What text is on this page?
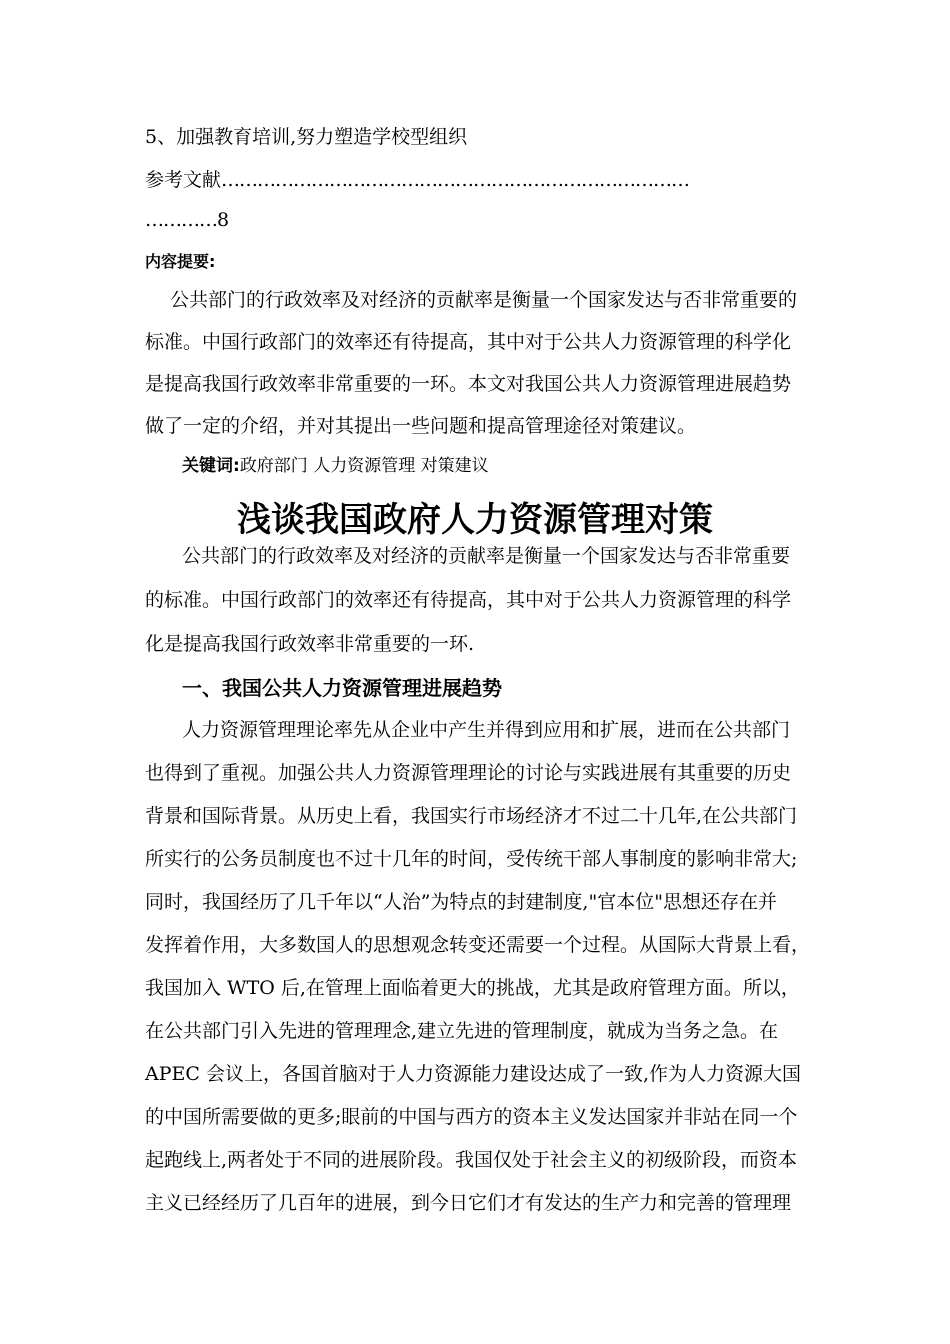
5、加强教育培训,努力塑造学校型组织
参考文献……………………………………………………………………
…………8
内容提要:
公共部门的行政效率及对经济的贡献率是衡量一个国家发达与否非常重要的
标准。中国行政部门的效率还有待提高，其中对于公共人力资源管理的科学化
是提高我国行政效率非常重要的一环。本文对我国公共人力资源管理进展趋势
做了一定的介绍，并对其提出一些问题和提高管理途径对策建议。
关键词:政府部门 人力资源管理 对策建议
浅谈我国政府人力资源管理对策
公共部门的行政效率及对经济的贡献率是衡量一个国家发达与否非常重要
的标准。中国行政部门的效率还有待提高，其中对于公共人力资源管理的科学
化是提高我国行政效率非常重要的一环.
一、我国公共人力资源管理进展趋势
人力资源管理理论率先从企业中产生并得到应用和扩展，进而在公共部门
也得到了重视。加强公共人力资源管理理论的讨论与实践进展有其重要的历史
背景和国际背景。从历史上看，我国实行市场经济才不过二十几年,在公共部门
所实行的公务员制度也不过十几年的时间，受传统干部人事制度的影响非常大;
同时，我国经历了几千年以“人治”为特点的封建制度,"官本位"思想还存在并
发挥着作用，大多数国人的思想观念转变还需要一个过程。从国际大背景上看，
我国加入 WTO 后,在管理上面临着更大的挑战，尤其是政府管理方面。所以，
在公共部门引入先进的管理理念,建立先进的管理制度，就成为当务之急。在
APEC 会议上，各国首脑对于人力资源能力建设达成了一致,作为人力资源大国
的中国所需要做的更多;眼前的中国与西方的资本主义发达国家并非站在同一个
起跑线上,两者处于不同的进展阶段。我国仅处于社会主义的初级阶段，而资本
主义已经经历了几百年的进展，到今日它们才有发达的生产力和完善的管理理
